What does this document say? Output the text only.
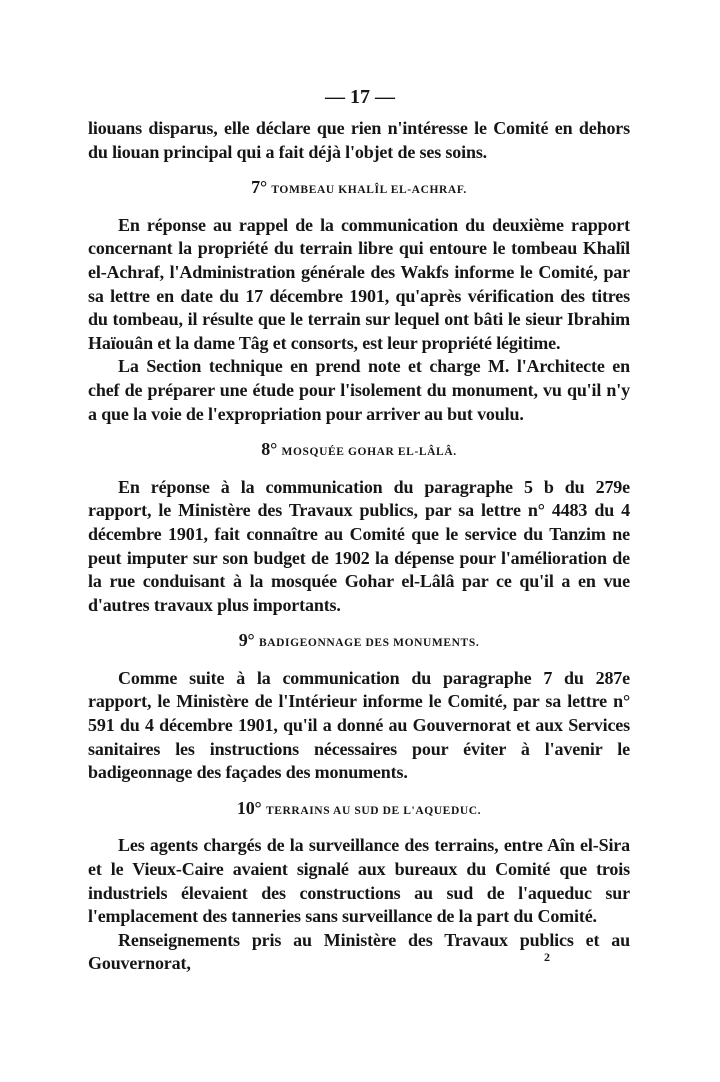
— 17 —

liouans disparus, elle déclare que rien n'intéresse le Comité en dehors du liouan principal qui a fait déjà l'objet de ses soins.

7° TOMBEAU KHALÎL EL-ACHRAF.

En réponse au rappel de la communication du deuxième rapport concernant la propriété du terrain libre qui entoure le tombeau Khalîl el-Achraf, l'Administration générale des Wakfs informe le Comité, par sa lettre en date du 17 décembre 1901, qu'après vérification des titres du tombeau, il résulte que le terrain sur lequel ont bâti le sieur Ibrahim Haïouân et la dame Tâg et consorts, est leur propriété légitime.

La Section technique en prend note et charge M. l'Architecte en chef de préparer une étude pour l'isolement du monument, vu qu'il n'y a que la voie de l'expropriation pour arriver au but voulu.

8° MOSQUÉE GOHAR EL-LÂLÂ.

En réponse à la communication du paragraphe 5 b du 279e rapport, le Ministère des Travaux publics, par sa lettre n° 4483 du 4 décembre 1901, fait connaître au Comité que le service du Tanzim ne peut imputer sur son budget de 1902 la dépense pour l'amélioration de la rue conduisant à la mosquée Gohar el-Lâlâ par ce qu'il a en vue d'autres travaux plus importants.

9° BADIGEONNAGE DES MONUMENTS.

Comme suite à la communication du paragraphe 7 du 287e rapport, le Ministère de l'Intérieur informe le Comité, par sa lettre n° 591 du 4 décembre 1901, qu'il a donné au Gouvernorat et aux Services sanitaires les instructions nécessaires pour éviter à l'avenir le badigeonnage des façades des monuments.

10° TERRAINS AU SUD DE L'AQUEDUC.

Les agents chargés de la surveillance des terrains, entre Aîn el-Sira et le Vieux-Caire avaient signalé aux bureaux du Comité que trois industriels élevaient des constructions au sud de l'aqueduc sur l'emplacement des tanneries sans surveillance de la part du Comité.

Renseignements pris au Ministère des Travaux publics et au Gouvernorat,	2
